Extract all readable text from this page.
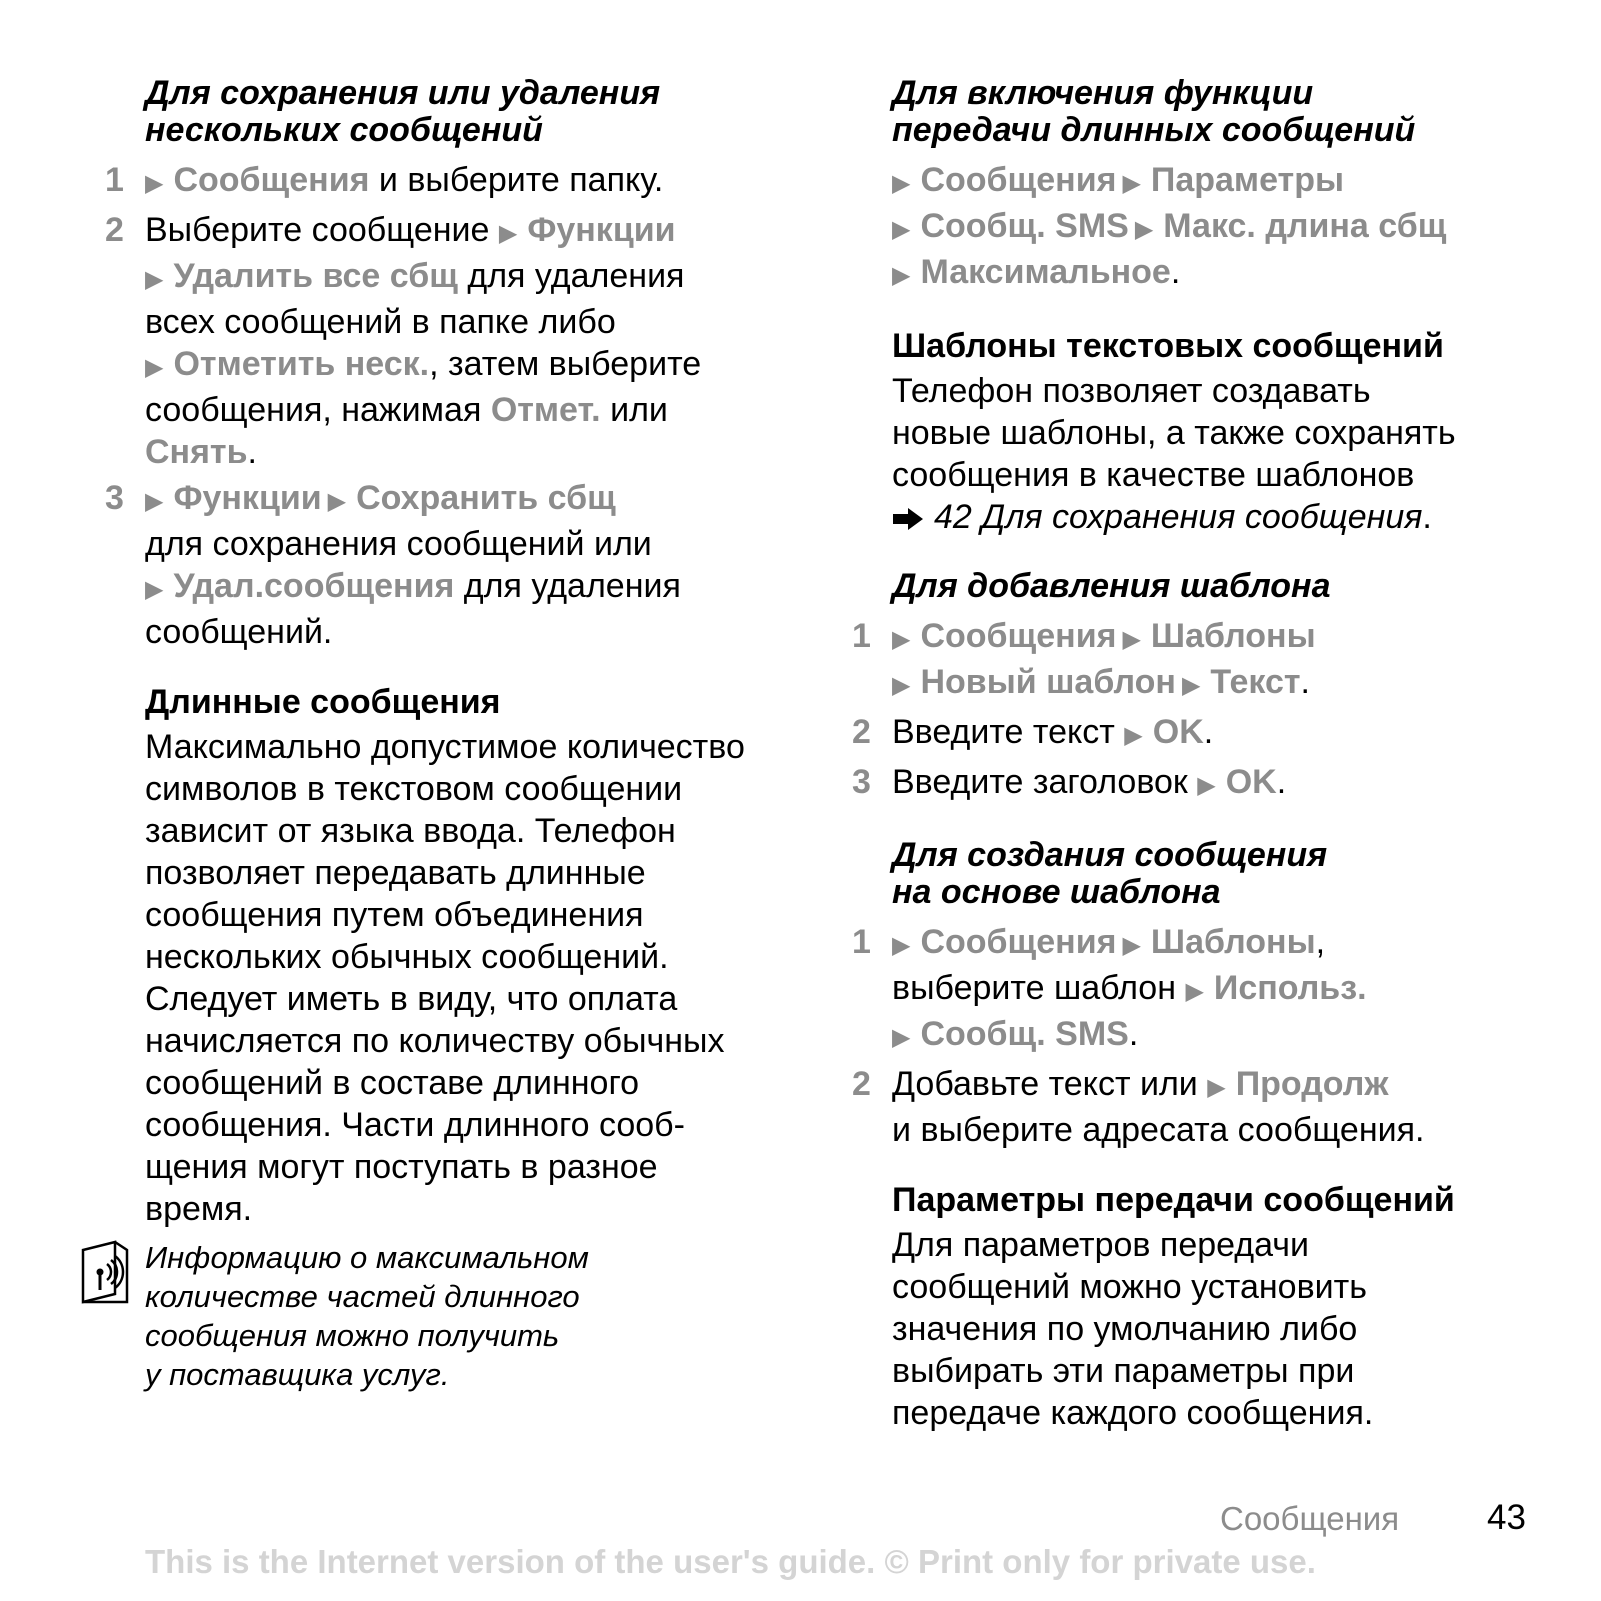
Для сохранения или удаления
нескольких сообщений
1 ▶ Сообщения и выберите папку.
2 Выберите сообщение ▶ Функции
▶ Удалить все сбщ для удаления
всех сообщений в папке либо
▶ Отметить неск., затем выберите
сообщения, нажимая Отмет. или
Снять.
3 ▶ Функции ▶ Сохранить сбщ
для сохранения сообщений или
▶ Удал.сообщения для удаления
сообщений.
Длинные сообщения
Максимально допустимое количество
символов в текстовом сообщении
зависит от языка ввода. Телефон
позволяет передавать длинные
сообщения путем объединения
нескольких обычных сообщений.
Следует иметь в виду, что оплата
начисляется по количеству обычных
сообщений в составе длинного
сообщения. Части длинного сооб-
щения могут поступать в разное
время.
Информацию о максимальном
количестве частей длинного
сообщения можно получить
у поставщика услуг.
Для включения функции
передачи длинных сообщений
▶ Сообщения ▶ Параметры
▶ Сообщ. SMS ▶ Макс. длина сбщ
▶ Максимальное.
Шаблоны текстовых сообщений
Телефон позволяет создавать
новые шаблоны, а также сохранять
сообщения в качестве шаблонов
42 Для сохранения сообщения.
Для добавления шаблона
1 ▶ Сообщения ▶ Шаблоны
▶ Новый шаблон ▶ Текст.
2 Введите текст ▶ OK.
3 Введите заголовок ▶ OK.
Для создания сообщения
на основе шаблона
1 ▶ Сообщения ▶ Шаблоны,
выберите шаблон ▶ Использ.
▶ Сообщ. SMS.
2 Добавьте текст или ▶ Продолж
и выберите адресата сообщения.
Параметры передачи сообщений
Для параметров передачи
сообщений можно установить
значения по умолчанию либо
выбирать эти параметры при
передаче каждого сообщения.
Сообщения	43
This is the Internet version of the user's guide. © Print only for private use.
